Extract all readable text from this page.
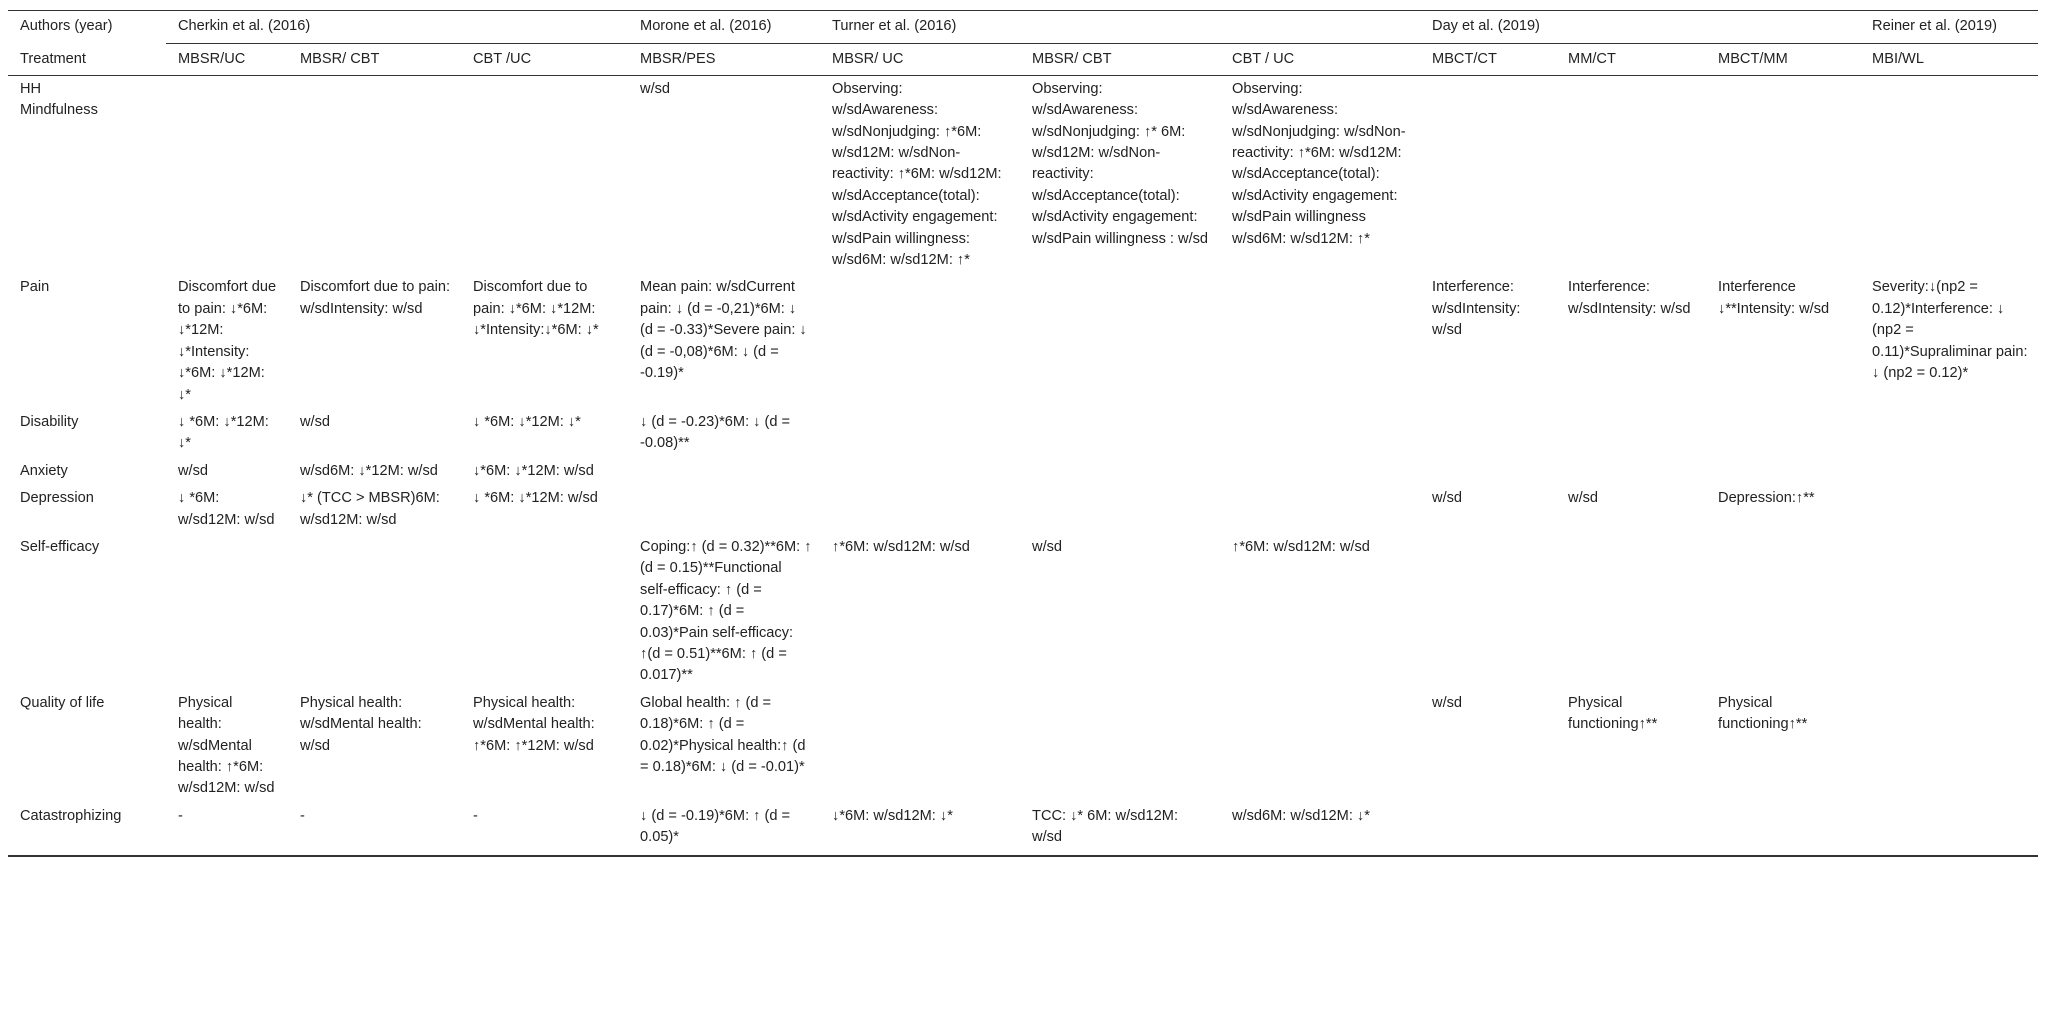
Authors (year)	Cherkin et al. (2016)			Morone et al. (2016)	Turner et al. (2016)			Day et al. (2019)			Reiner et al. (2019)
Treatment	MBSR/UC	MBSR/ CBT	CBT /UC	MBSR/PES	MBSR/ UC	MBSR/ CBT	CBT / UC	MBCT/CT	MM/CT	MBCT/MM	MBI/WL
HH Mindfulness				w/sd	Observing: w/sdAwareness: w/sdNonjudging: ↑*6M: w/sd12M: w/sdNon-reactivity: ↑*6M: w/sd12M: w/sdAcceptance(total): w/sdActivity engagement: w/sdPain willingness: w/sd6M: w/sd12M: ↑*	Observing: w/sdAwareness: w/sdNonjudging: ↑* 6M: w/sd12M: w/sdNon-reactivity: w/sdAcceptance(total): w/sdActivity engagement: w/sdPain willingness : w/sd	Observing: w/sdAwareness: w/sdNonjudging: w/sdNon-reactivity: ↑*6M: w/sd12M: w/sdAcceptance(total): w/sdActivity engagement: w/sdPain willingness w/sd6M: w/sd12M: ↑*				
Pain	Discomfort due to pain: ↓*6M: ↓*12M: ↓*Intensity: ↓*6M: ↓*12M: ↓*	Discomfort due to pain: w/sdIntensity: w/sd	Discomfort due to pain: ↓*6M: ↓*12M: ↓*Intensity:↓*6M: ↓*	Mean pain: w/sdCurrent pain: ↓ (d = -0,21)*6M: ↓ (d = -0.33)*Severe pain: ↓ (d = -0,08)*6M: ↓ (d = -0.19)*				Interference: w/sdIntensity: w/sd	Interference: w/sdIntensity: w/sd	Interference ↓**Intensity: w/sd	Severity:↓(np2 = 0.12)*Interference: ↓ (np2 = 0.11)*Supraliminar pain: ↓ (np2 = 0.12)*
Disability	↓ *6M: ↓*12M: ↓*	w/sd	↓ *6M: ↓*12M: ↓*	↓ (d = -0.23)*6M: ↓ (d = -0.08)**							
Anxiety	w/sd	w/sd6M: ↓*12M: w/sd	↓*6M: ↓*12M: w/sd								
Depression	↓ *6M: w/sd12M: w/sd	↓* (TCC > MBSR)6M: w/sd12M: w/sd	↓ *6M: ↓*12M: w/sd					w/sd	w/sd	Depression:↑**	
Self-efficacy				Coping:↑ (d = 0.32)**6M: ↑ (d = 0.15)**Functional self-efficacy: ↑ (d = 0.17)*6M: ↑ (d = 0.03)*Pain self-efficacy: ↑(d = 0.51)**6M: ↑ (d = 0.017)**	↑*6M: w/sd12M: w/sd	w/sd	↑*6M: w/sd12M: w/sd				
Quality of life	Physical health: w/sdMental health: ↑*6M: w/sd12M: w/sd	Physical health: w/sdMental health: w/sd	Physical health: w/sdMental health: ↑*6M: ↑*12M: w/sd	Global health: ↑ (d = 0.18)*6M: ↑ (d = 0.02)*Physical health:↑ (d = 0.18)*6M: ↓ (d = -0.01)*				w/sd	Physical functioning↑**	Physical functioning↑**	
Catastrophizing	-	-	-	↓ (d = -0.19)*6M: ↑ (d = 0.05)*	↓*6M: w/sd12M: ↓*	TCC: ↓* 6M: w/sd12M: w/sd	w/sd6M: w/sd12M: ↓*				
